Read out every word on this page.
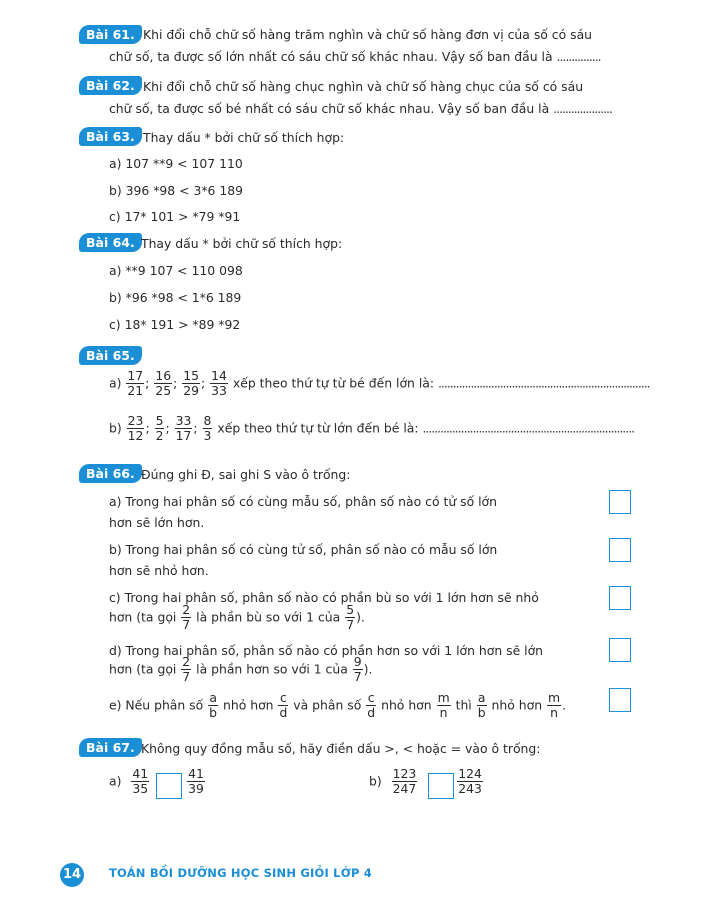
Bài 61. Khi đổi chỗ chữ số hàng trăm nghìn và chữ số hàng đơn vị của số có sáu
chữ số, ta được số lớn nhất có sáu chữ số khác nhau. Vậy số ban đầu là ...............
Bài 62. Khi đổi chỗ chữ số hàng chục nghìn và chữ số hàng chục của số có sáu
chữ số, ta được số bé nhất có sáu chữ số khác nhau. Vậy số ban đầu là ....................
Bài 63. Thay dấu * bởi chữ số thích hợp:
a) 107 **9 < 107 110
b) 396 *98 < 3*6 189
c) 17* 101 > *79 *91
Bài 64. Thay dấu * bởi chữ số thích hợp:
a) **9 107 < 110 098
b) *96 *98 < 1*6 189
c) 18* 191 > *89 *92
Bài 65.
$a) \frac{17}{21}$ ; $\frac{16}{25}$ ; $\frac{15}{29}$ ; $\frac{14}{33}$ xếp theo thứ tự từ bé đến lớn là: ........................................................................
$b) \frac{23}{12}$ ; $\frac{5}{2}$ ; $\frac{33}{17}$ ; $\frac{8}{3}$ xếp theo thứ tự từ lớn đến bé là: ........................................................................
Bài 66. Đúng ghi Đ, sai ghi S vào ô trống:
a) Trong hai phân số có cùng mẫu số, phân số nào có tử số lớn
hơn sẽ lớn hơn.
b) Trong hai phân số có cùng tử số, phân số nào có mẫu số lớn
hơn sẽ nhỏ hơn.
c) Trong hai phân số, phân số nào có phần bù so với 1 lớn hơn sẽ nhỏ
hơn (ta gọi $\frac{2}{7}$ là phần bù so với 1 của $\frac{5}{7}$ ).
d) Trong hai phân số, phân số nào có phần hơn so với 1 lớn hơn sẽ lớn
hơn (ta gọi $\frac{2}{7}$ là phần hơn so với 1 của $\frac{9}{7}$ ).
e) Nếu phân số $\frac{a}{b}$ nhỏ hơn $\frac{c}{d}$ và phân số $\frac{c}{d}$ nhỏ hơn $\frac{m}{n}$ thì $\frac{a}{b}$ nhỏ hơn $\frac{m}{n}$ .
Bài 67. Không quy đồng mẫu số, hãy điền dấu >, < hoặc = vào ô trống:
$a) \frac{41}{35}$
	$\frac{41}{39}$	$b) \frac{123}{247}$
	$\frac{124}{243}$
14 TOÁN BỒI DƯỠNG HỌC SINH GIỎI LỚP 4
